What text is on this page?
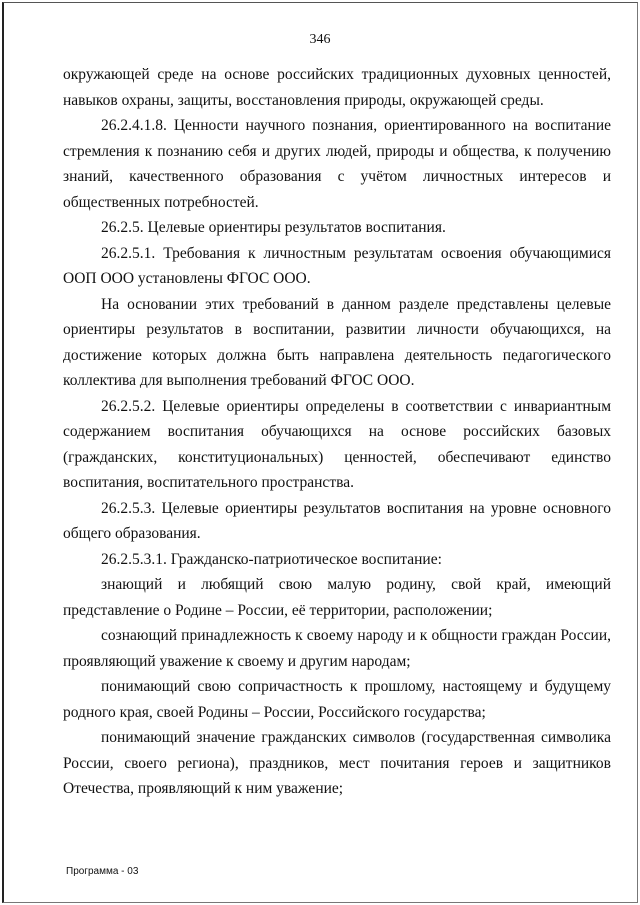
346

окружающей среде на основе российских традиционных духовных ценностей, навыков охраны, защиты, восстановления природы, окружающей среды.

26.2.4.1.8. Ценности научного познания, ориентированного на воспитание стремления к познанию себя и других людей, природы и общества, к получению знаний, качественного образования с учётом личностных интересов и общественных потребностей.

26.2.5. Целевые ориентиры результатов воспитания.

26.2.5.1. Требования к личностным результатам освоения обучающимися ООП ООО установлены ФГОС ООО.

На основании этих требований в данном разделе представлены целевые ориентиры результатов в воспитании, развитии личности обучающихся, на достижение которых должна быть направлена деятельность педагогического коллектива для выполнения требований ФГОС ООО.

26.2.5.2. Целевые ориентиры определены в соответствии с инвариантным содержанием воспитания обучающихся на основе российских базовых (гражданских, конституциональных) ценностей, обеспечивают единство воспитания, воспитательного пространства.

26.2.5.3. Целевые ориентиры результатов воспитания на уровне основного общего образования.

26.2.5.3.1. Гражданско-патриотическое воспитание:

знающий и любящий свою малую родину, свой край, имеющий представление о Родине – России, её территории, расположении;

сознающий принадлежность к своему народу и к общности граждан России, проявляющий уважение к своему и другим народам;

понимающий свою сопричастность к прошлому, настоящему и будущему родного края, своей Родины – России, Российского государства;

понимающий значение гражданских символов (государственная символика России, своего региона), праздников, мест почитания героев и защитников Отечества, проявляющий к ним уважение;

Программа - 03
